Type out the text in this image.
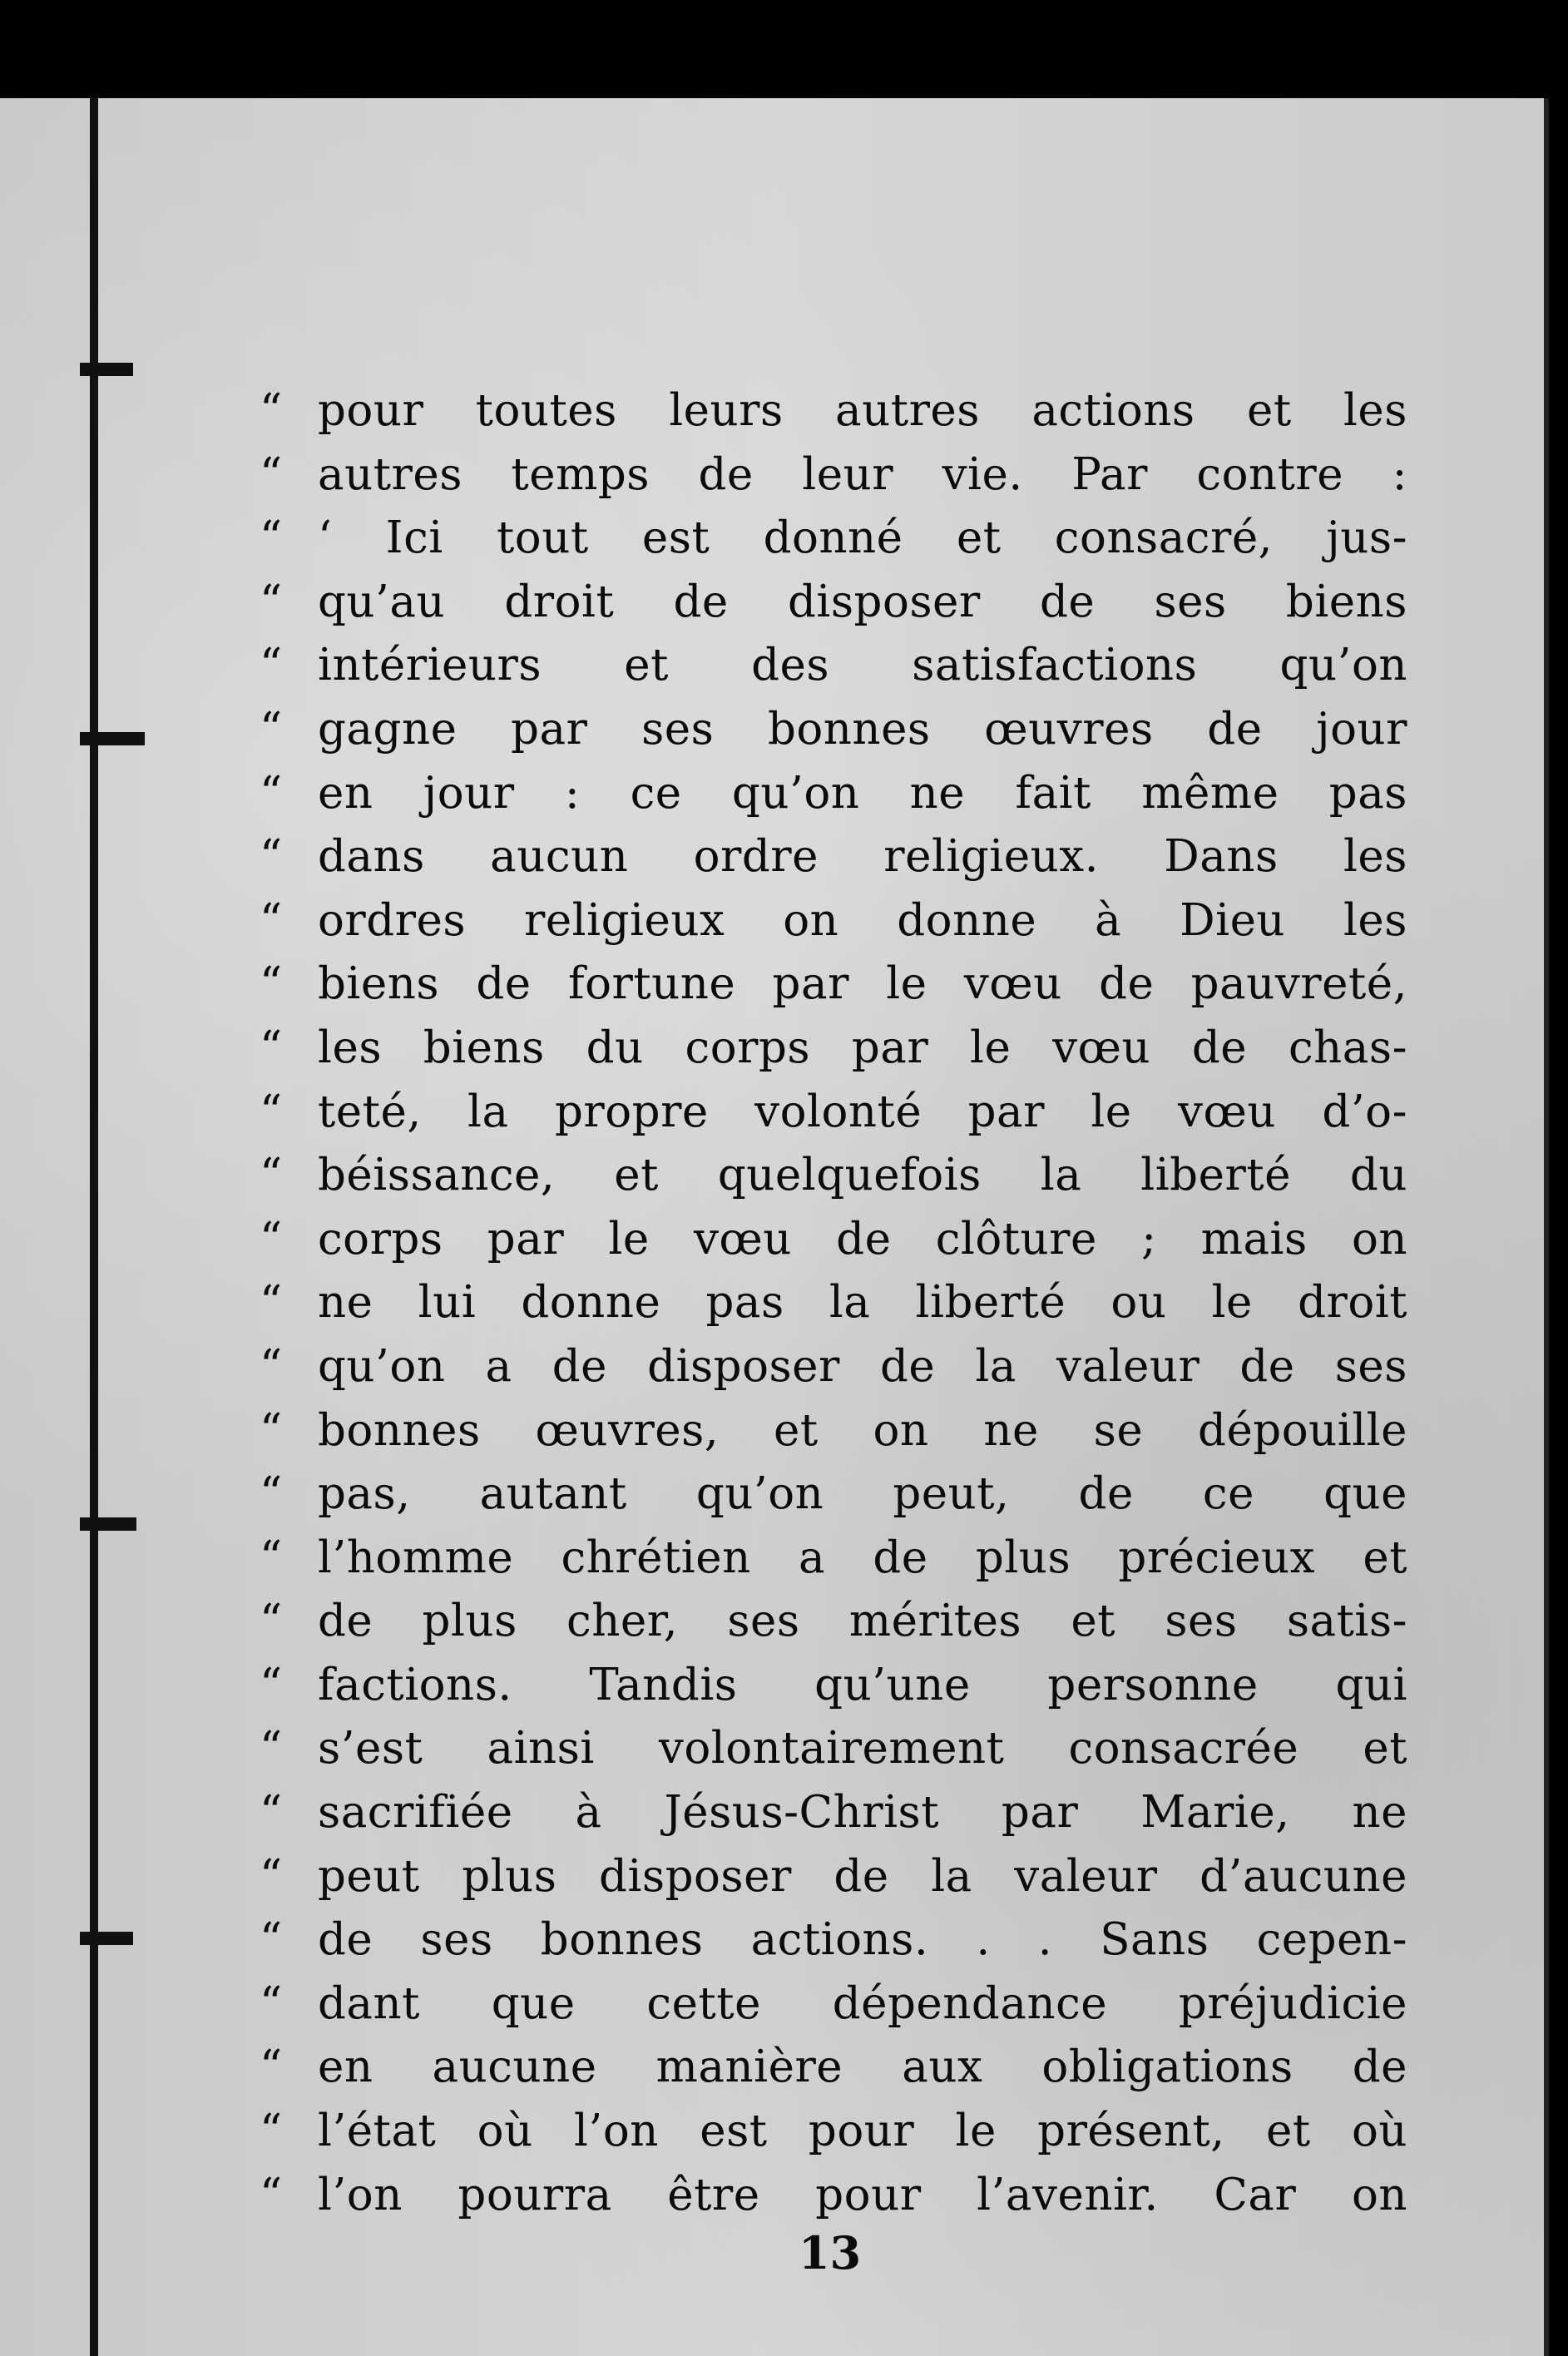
“ pour toutes leurs autres actions et les
“ autres temps de leur vie. Par contre :
“ ‘ Ici tout est donné et consacré, jus-
“ qu’au droit de disposer de ses biens
“ intérieurs et des satisfactions qu’on
“ gagne par ses bonnes œuvres de jour
“ en jour : ce qu’on ne fait même pas
“ dans aucun ordre religieux. Dans les
“ ordres religieux on donne à Dieu les
“ biens de fortune par le vœu de pauvreté,
“ les biens du corps par le vœu de chas-
“ teté, la propre volonté par le vœu d’o-
“ béissance, et quelquefois la liberté du
“ corps par le vœu de clôture ; mais on
“ ne lui donne pas la liberté ou le droit
“ qu’on a de disposer de la valeur de ses
“ bonnes œuvres, et on ne se dépouille
“ pas, autant qu’on peut, de ce que
“ l’homme chrétien a de plus précieux et
“ de plus cher, ses mérites et ses satis-
“ factions. Tandis qu’une personne qui
“ s’est ainsi volontairement consacrée et
“ sacrifiée à Jésus-Christ par Marie, ne
“ peut plus disposer de la valeur d’aucune
“ de ses bonnes actions. . . Sans cepen-
“ dant que cette dépendance préjudicie
“ en aucune manière aux obligations de
“ l’état où l’on est pour le présent, et où
“ l’on pourra être pour l’avenir. Car on
13
